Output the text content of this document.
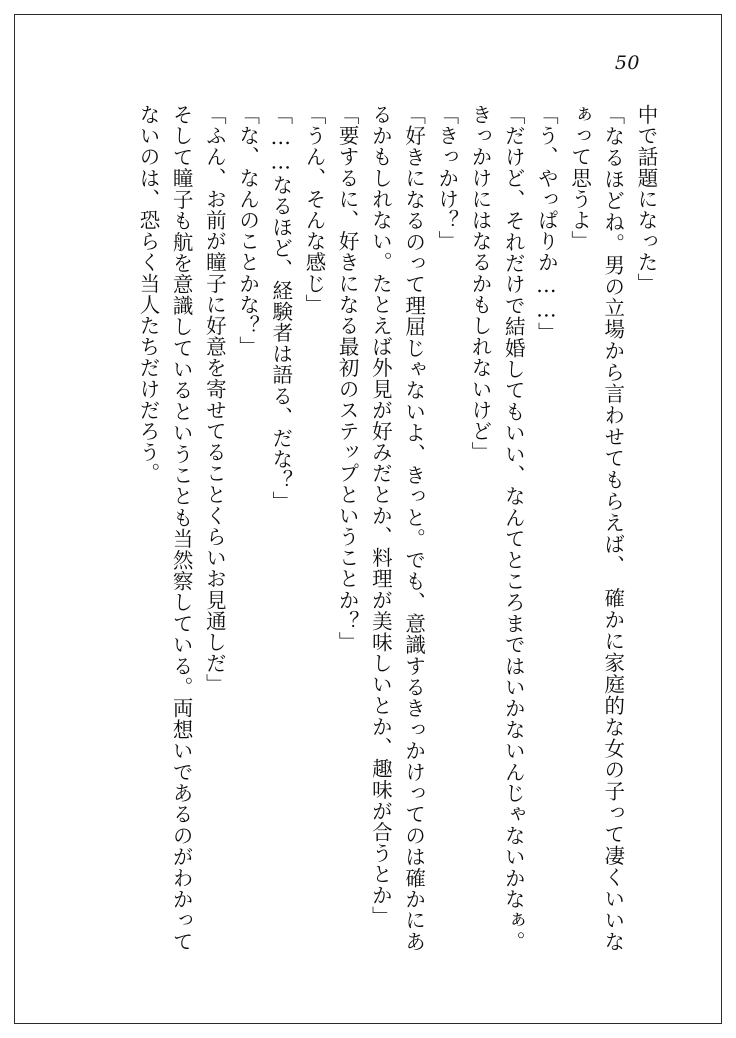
50

中で話題になった」

「なるほどね。男の立場から言わせてもらえば、　確かに家庭的な女の子って凄くいいなぁって思うよ」

「う、やっぱりか……」

「だけど、それだけで結婚してもいい、なんてところまではいかないんじゃないかなぁ。きっかけにはなるかもしれないけど」

「きっかけ？」

「好きになるのって理屈じゃないよ、きっと。でも、意識するきっかけってのは確かにあるかもしれない。たとえば外見が好みだとか、料理が美味しいとか、趣味が合うとか」

「要するに、好きになる最初のステップということか？」

「うん、そんな感じ」

「……なるほど、経験者は語る、だな？」

「な、なんのことかな？」

「ふん、お前が瞳子に好意を寄せてることくらいお見通しだ」

そして瞳子も航を意識しているということも当然察している。両想いであるのがわかってないのは、恐らく当人たちだけだろう。
